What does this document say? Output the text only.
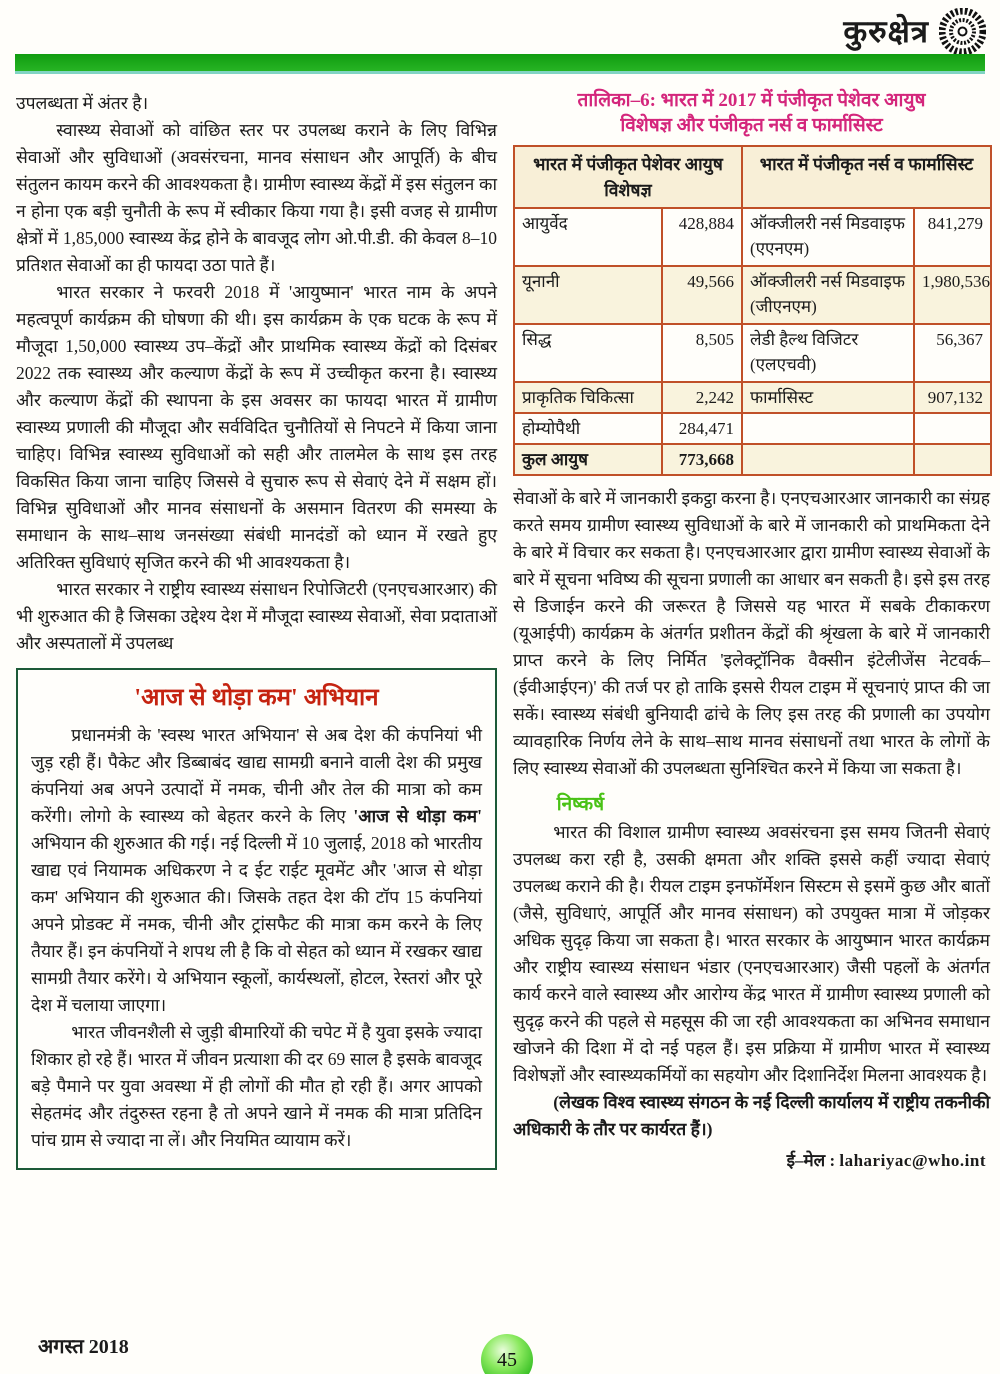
कुरुक्षेत्र

उपलब्धता में अंतर है।

स्वास्थ्य सेवाओं को वांछित स्तर पर उपलब्ध कराने के लिए विभिन्न सेवाओं और सुविधाओं (अवसंरचना, मानव संसाधन और आपूर्ति) के बीच संतुलन कायम करने की आवश्यकता है। ग्रामीण स्वास्थ्य केंद्रों में इस संतुलन का न होना एक बड़ी चुनौती के रूप में स्वीकार किया गया है। इसी वजह से ग्रामीण क्षेत्रों में 1,85,000 स्वास्थ्य केंद्र होने के बावजूद लोग ओ.पी.डी. की केवल 8–10 प्रतिशत सेवाओं का ही फायदा उठा पाते हैं।

भारत सरकार ने फरवरी 2018 में 'आयुष्मान' भारत नाम के अपने महत्वपूर्ण कार्यक्रम की घोषणा की थी। इस कार्यक्रम के एक घटक के रूप में मौजूदा 1,50,000 स्वास्थ्य उप–केंद्रों और प्राथमिक स्वास्थ्य केंद्रों को दिसंबर 2022 तक स्वास्थ्य और कल्याण केंद्रों के रूप में उच्चीकृत करना है। स्वास्थ्य और कल्याण केंद्रों की स्थापना के इस अवसर का फायदा भारत में ग्रामीण स्वास्थ्य प्रणाली की मौजूदा और सर्वविदित चुनौतियों से निपटने में किया जाना चाहिए। विभिन्न स्वास्थ्य सुविधाओं को सही और तालमेल के साथ इस तरह विकसित किया जाना चाहिए जिससे वे सुचारु रूप से सेवाएं देने में सक्षम हों। विभिन्न सुविधाओं और मानव संसाधनों के असमान वितरण की समस्या के समाधान के साथ–साथ जनसंख्या संबंधी मानदंडों को ध्यान में रखते हुए अतिरिक्त सुविधाएं सृजित करने की भी आवश्यकता है।

भारत सरकार ने राष्ट्रीय स्वास्थ्य संसाधन रिपोजिटरी (एनएचआरआर) की भी शुरुआत की है जिसका उद्देश्य देश में मौजूदा स्वास्थ्य सेवाओं, सेवा प्रदाताओं और अस्पतालों में उपलब्ध

'आज से थोड़ा कम' अभियान

प्रधानमंत्री के 'स्वस्थ भारत अभियान' से अब देश की कंपनियां भी जुड़ रही हैं। पैकेट और डिब्बाबंद खाद्य सामग्री बनाने वाली देश की प्रमुख कंपनियां अब अपने उत्पादों में नमक, चीनी और तेल की मात्रा को कम करेंगी। लोगो के स्वास्थ्य को बेहतर करने के लिए 'आज से थोड़ा कम' अभियान की शुरुआत की गई। नई दिल्ली में 10 जुलाई, 2018 को भारतीय खाद्य एवं नियामक अधिकरण ने द ईट राईट मूवमेंट और 'आज से थोड़ा कम' अभियान की शुरुआत की। जिसके तहत देश की टॉप 15 कंपनियां अपने प्रोडक्ट में नमक, चीनी और ट्रांसफैट की मात्रा कम करने के लिए तैयार हैं। इन कंपनियों ने शपथ ली है कि वो सेहत को ध्यान में रखकर खाद्य सामग्री तैयार करेंगे। ये अभियान स्कूलों, कार्यस्थलों, होटल, रेस्तरां और पूरे देश में चलाया जाएगा।

भारत जीवनशैली से जुड़ी बीमारियों की चपेट में है युवा इसके ज्यादा शिकार हो रहे हैं। भारत में जीवन प्रत्याशा की दर 69 साल है इसके बावजूद बड़े पैमाने पर युवा अवस्था में ही लोगों की मौत हो रही हैं। अगर आपको सेहतमंद और तंदुरुस्त रहना है तो अपने खाने में नमक की मात्रा प्रतिदिन पांच ग्राम से ज्यादा ना लें। और नियमित व्यायाम करें।

तालिका–6: भारत में 2017 में पंजीकृत पेशेवर आयुष

विशेषज्ञ और पंजीकृत नर्स व फार्मासिस्ट

भारत में पंजीकृत पेशेवर आयुष विशेषज्ञ		भारत में पंजीकृत नर्स व फार्मासिस्ट	
आयुर्वेद	428,884	ऑक्जीलरी नर्स मिडवाइफ (एएनएम)	841,279
यूनानी	49,566	ऑक्जीलरी नर्स मिडवाइफ (जीएनएम)	1,980,536
सिद्ध	8,505	लेडी हैल्थ विजिटर (एलएचवी)	56,367
प्राकृतिक चिकित्सा	2,242	फार्मासिस्ट	907,132
होम्योपैथी	284,471		
कुल आयुष	773,668		

सेवाओं के बारे में जानकारी इकट्ठा करना है। एनएचआरआर जानकारी का संग्रह करते समय ग्रामीण स्वास्थ्य सुविधाओं के बारे में जानकारी को प्राथमिकता देने के बारे में विचार कर सकता है। एनएचआरआर द्वारा ग्रामीण स्वास्थ्य सेवाओं के बारे में सूचना भविष्य की सूचना प्रणाली का आधार बन सकती है। इसे इस तरह से डिजाईन करने की जरूरत है जिससे यह भारत में सबके टीकाकरण (यूआईपी) कार्यक्रम के अंतर्गत प्रशीतन केंद्रों की श्रृंखला के बारे में जानकारी प्राप्त करने के लिए निर्मित 'इलेक्ट्रॉनिक वैक्सीन इंटेलीजेंस नेटवर्क–(ईवीआईएन)' की तर्ज पर हो ताकि इससे रीयल टाइम में सूचनाएं प्राप्त की जा सकें। स्वास्थ्य संबंधी बुनियादी ढांचे के लिए इस तरह की प्रणाली का उपयोग व्यावहारिक निर्णय लेने के साथ–साथ मानव संसाधनों तथा भारत के लोगों के लिए स्वास्थ्य सेवाओं की उपलब्धता सुनिश्चित करने में किया जा सकता है।

निष्कर्ष

भारत की विशाल ग्रामीण स्वास्थ्य अवसंरचना इस समय जितनी सेवाएं उपलब्ध करा रही है, उसकी क्षमता और शक्ति इससे कहीं ज्यादा सेवाएं उपलब्ध कराने की है। रीयल टाइम इनफॉर्मेशन सिस्टम से इसमें कुछ और बातों (जैसे, सुविधाएं, आपूर्ति और मानव संसाधन) को उपयुक्त मात्रा में जोड़कर अधिक सुदृढ़ किया जा सकता है। भारत सरकार के आयुष्मान भारत कार्यक्रम और राष्ट्रीय स्वास्थ्य संसाधन भंडार (एनएचआरआर) जैसी पहलों के अंतर्गत कार्य करने वाले स्वास्थ्य और आरोग्य केंद्र भारत में ग्रामीण स्वास्थ्य प्रणाली को सुदृढ़ करने की पहले से महसूस की जा रही आवश्यकता का अभिनव समाधान खोजने की दिशा में दो नई पहल हैं। इस प्रक्रिया में ग्रामीण भारत में स्वास्थ्य विशेषज्ञों और स्वास्थ्यकर्मियों का सहयोग और दिशानिर्देश मिलना आवश्यक है।

(लेखक विश्व स्वास्थ्य संगठन के नई दिल्ली कार्यालय में राष्ट्रीय तकनीकी अधिकारी के तौर पर कार्यरत हैं।)

ई–मेल : lahariyac@who.int
अगस्त 2018
45
